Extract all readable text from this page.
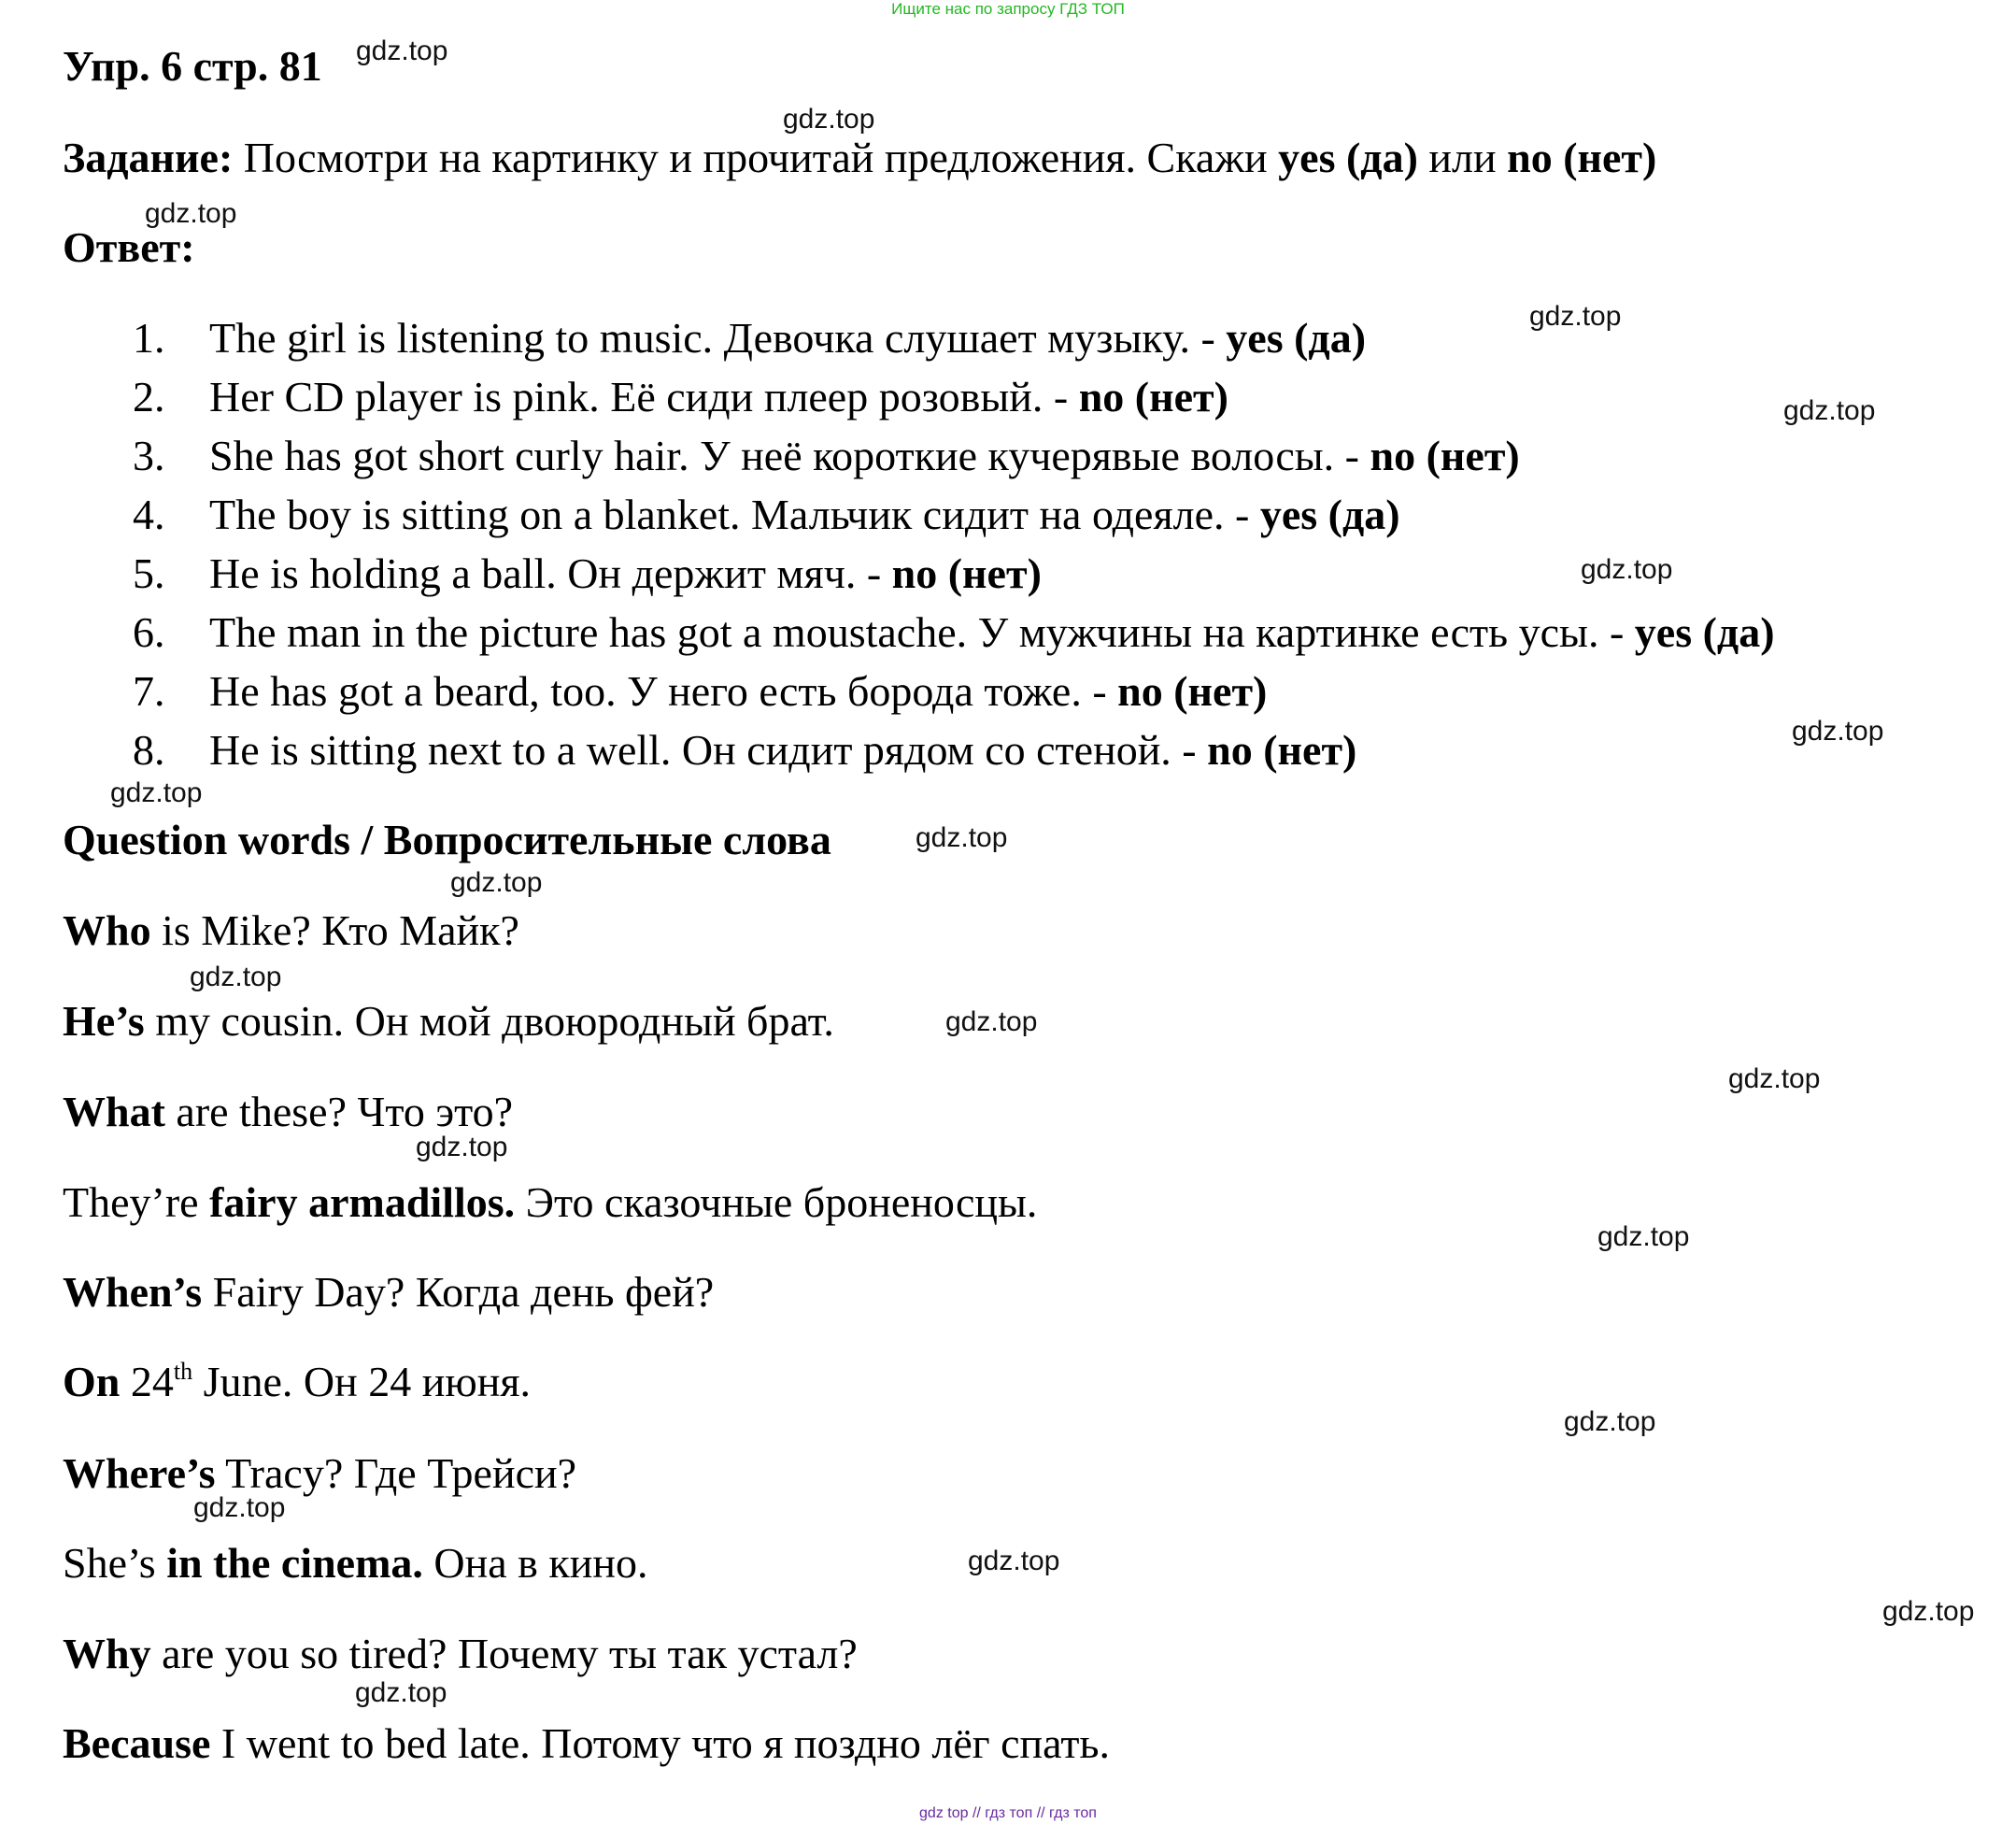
Ищите нас по запросу ГДЗ ТОП
Упр. 6 стр. 81
Задание: Посмотри на картинку и прочитай предложения. Скажи yes (да) или no (нет)
Ответ:
1. The girl is listening to music. Девочка слушает музыку. - yes (да)
2. Her CD player is pink. Её сиди плеер розовый. - no (нет)
3. She has got short curly hair. У неё короткие кучерявые волосы. - no (нет)
4. The boy is sitting on a blanket. Мальчик сидит на одеяле. - yes (да)
5. He is holding a ball. Он держит мяч. - no (нет)
6. The man in the picture has got a moustache. У мужчины на картинке есть усы. - yes (да)
7. He has got a beard, too. У него есть борода тоже. - no (нет)
8. He is sitting next to a well. Он сидит рядом со стеной. - no (нет)
Question words / Вопросительные слова
Who is Mike? Кто Майк?
He’s my cousin. Он мой двоюродный брат.
What are these? Что это?
They’re fairy armadillos. Это сказочные броненосцы.
When’s Fairy Day? Когда день фей?
On 24th June. Он 24 июня.
Where’s Tracy? Где Трейси?
She’s in the cinema. Она в кино.
Why are you so tired? Почему ты так устал?
Because I went to bed late. Потому что я поздно лёг спать.
gdz.top
gdz.top
gdz.top
gdz.top
gdz.top
gdz.top
gdz.top
gdz.top
gdz.top
gdz.top
gdz.top
gdz.top
gdz.top
gdz.top
gdz.top
gdz.top
gdz.top
gdz.top
gdz.top
gdz.top
gdz top // гдз топ // гдз топ
